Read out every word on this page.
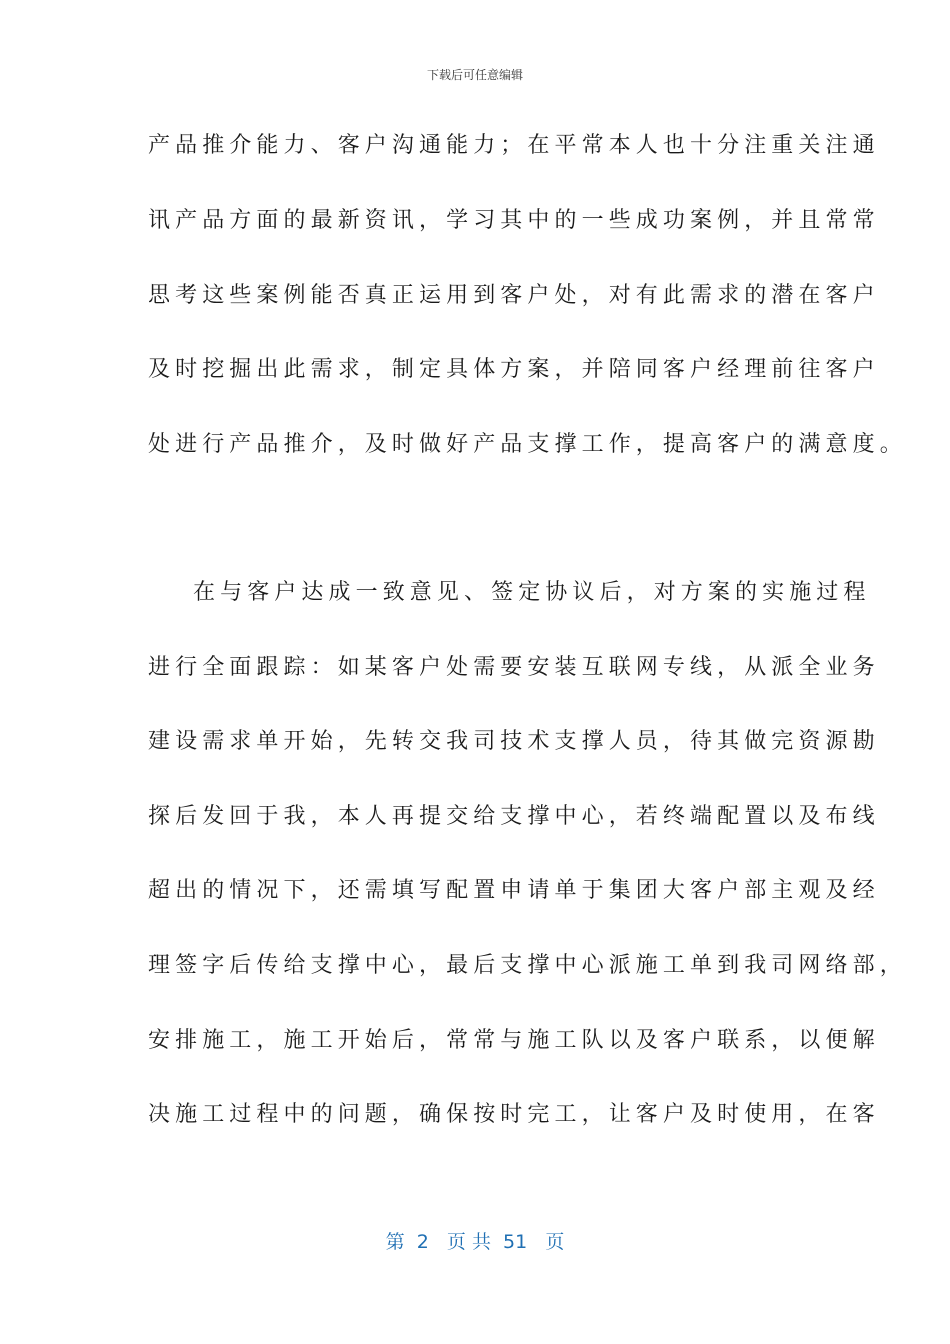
下载后可任意编辑
产品推介能力、客户沟通能力；在平常本人也十分注重关注通
讯产品方面的最新资讯，学习其中的一些成功案例，并且常常
思考这些案例能否真正运用到客户处，对有此需求的潜在客户
及时挖掘出此需求，制定具体方案，并陪同客户经理前往客户
处进行产品推介，及时做好产品支撑工作，提高客户的满意度。
在与客户达成一致意见、签定协议后，对方案的实施过程
进行全面跟踪：如某客户处需要安装互联网专线，从派全业务
建设需求单开始，先转交我司技术支撑人员，待其做完资源勘
探后发回于我，本人再提交给支撑中心，若终端配置以及布线
超出的情况下，还需填写配置申请单于集团大客户部主观及经
理签字后传给支撑中心，最后支撑中心派施工单到我司网络部，
安排施工，施工开始后，常常与施工队以及客户联系，以便解
决施工过程中的问题，确保按时完工，让客户及时使用，在客
第  2   页 共  51   页
